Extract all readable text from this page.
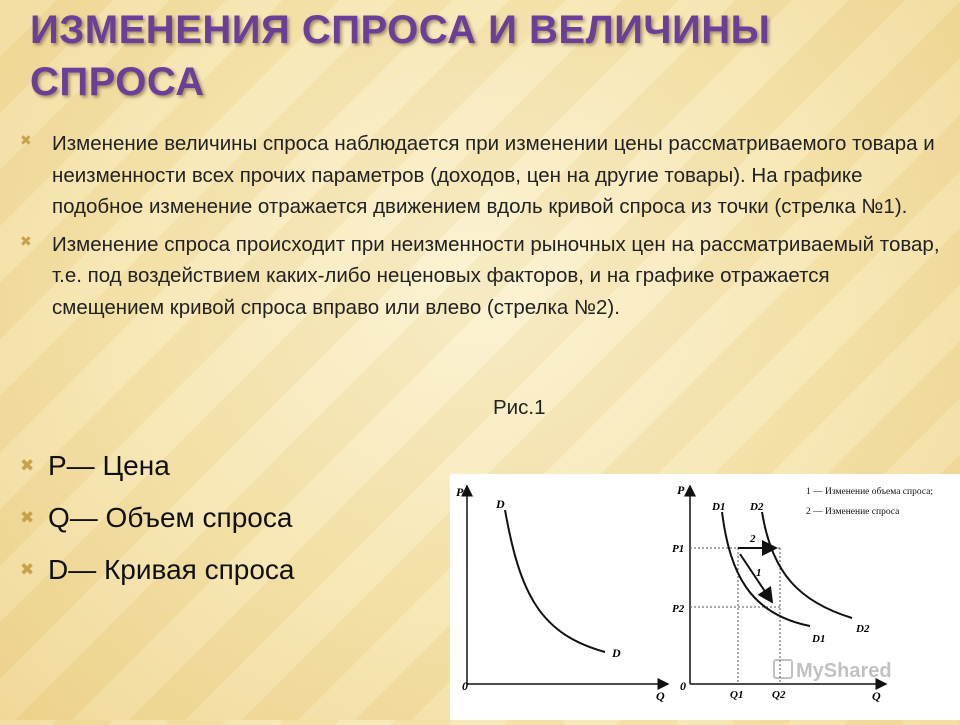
ИЗМЕНЕНИЯ СПРОСА И ВЕЛИЧИНЫ СПРОСА
✖ Изменение величины спроса наблюдается при изменении цены рассматриваемого товара и неизменности всех прочих параметров (доходов, цен на другие товары). На графике подобное изменение отражается движением вдоль кривой спроса из точки (стрелка №1).
✖ Изменение спроса происходит при неизменности рыночных цен на рассматриваемый товар, т.е. под воздействием каких-либо неценовых факторов, и на графике отражается смещением кривой спроса вправо или влево (стрелка №2).
Рис.1
✖ P— Цена
✖ Q— Объем спроса
✖ D— Кривая спроса
P
Q
0
D
D
P
Q
0
P1
P2
Q1	Q2
D1 D2
D1
D2
2
1
1 — Изменение объема спроса;
2 — Изменение спроса
MyShared
